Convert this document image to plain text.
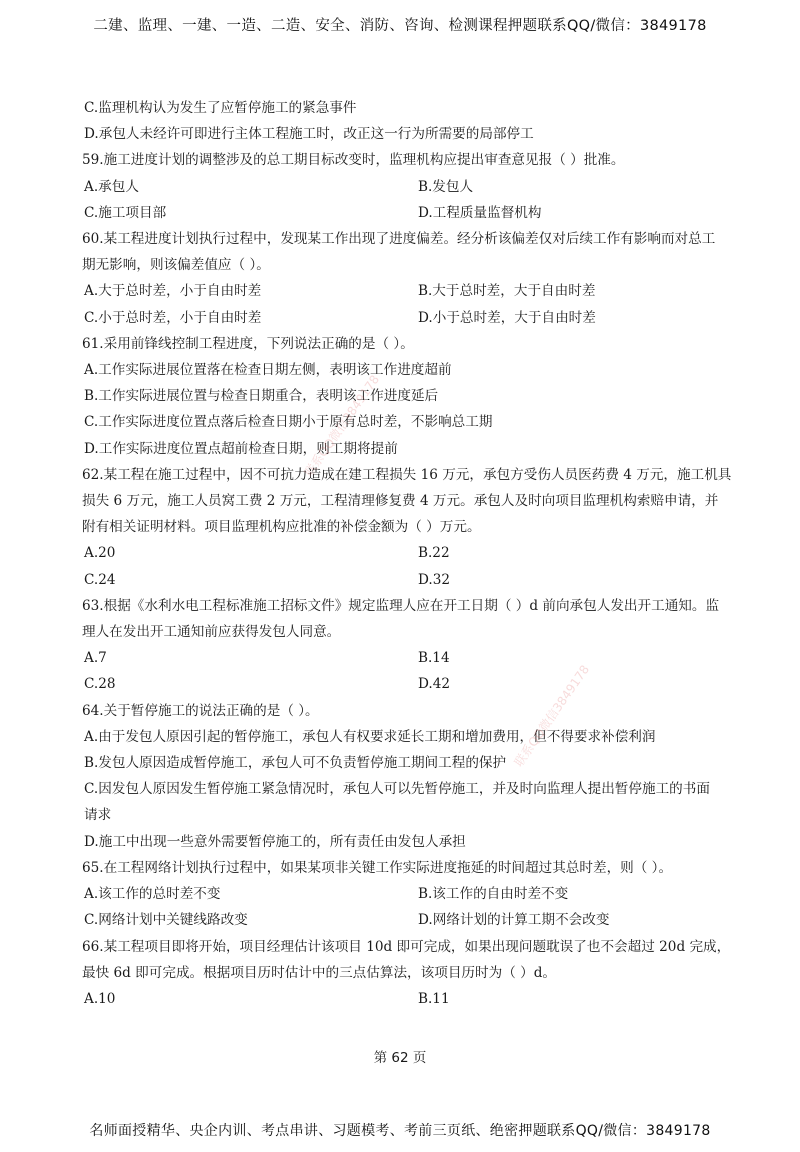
二建、监理、一建、一造、二造、安全、消防、咨询、检测课程押题联系QQ/微信：3849178
C.监理机构认为发生了应暂停施工的紧急事件
D.承包人未经许可即进行主体工程施工时，改正这一行为所需要的局部停工
59.施工进度计划的调整涉及的总工期目标改变时，监理机构应提出审查意见报（ ）批准。
A.承包人	B.发包人
C.施工项目部	D.工程质量监督机构
60.某工程进度计划执行过程中，发现某工作出现了进度偏差。经分析该偏差仅对后续工作有影响而对总工
期无影响，则该偏差值应（ ）。
A.大于总时差，小于自由时差	B.大于总时差，大于自由时差
C.小于总时差，小于自由时差	D.小于总时差，大于自由时差
61.采用前锋线控制工程进度，下列说法正确的是（ ）。
A.工作实际进展位置落在检查日期左侧，表明该工作进度超前
B.工作实际进展位置与检查日期重合，表明该工作进度延后
C.工作实际进度位置点落后检查日期小于原有总时差，不影响总工期
D.工作实际进度位置点超前检查日期，则工期将提前
62.某工程在施工过程中，因不可抗力造成在建工程损失 16 万元，承包方受伤人员医药费 4 万元，施工机具
损失 6 万元，施工人员窝工费 2 万元，工程清理修复费 4 万元。承包人及时向项目监理机构索赔申请，并
附有相关证明材料。项目监理机构应批准的补偿金额为（ ）万元。
A.20	B.22
C.24	D.32
63.根据《水利水电工程标准施工招标文件》规定监理人应在开工日期（ ）d 前向承包人发出开工通知。监
理人在发出开工通知前应获得发包人同意。
A.7	B.14
C.28	D.42
64.关于暂停施工的说法正确的是（ ）。
A.由于发包人原因引起的暂停施工，承包人有权要求延长工期和增加费用，但不得要求补偿利润
B.发包人原因造成暂停施工，承包人可不负责暂停施工期间工程的保护
C.因发包人原因发生暂停施工紧急情况时，承包人可以先暂停施工，并及时向监理人提出暂停施工的书面
请求
D.施工中出现一些意外需要暂停施工的，所有责任由发包人承担
65.在工程网络计划执行过程中，如果某项非关键工作实际进度拖延的时间超过其总时差，则（ ）。
A.该工作的总时差不变	B.该工作的自由时差不变
C.网络计划中关键线路改变	D.网络计划的计算工期不会改变
66.某工程项目即将开始，项目经理估计该项目 10d 即可完成，如果出现问题耽误了也不会超过 20d 完成，
最快 6d 即可完成。根据项目历时估计中的三点估算法，该项目历时为（ ）d。
A.10	B.11
联系QQ微信3849178
联系QQ微信3849178
第 62 页
名师面授精华、央企内训、考点串讲、习题模考、考前三页纸、绝密押题联系QQ/微信：3849178
